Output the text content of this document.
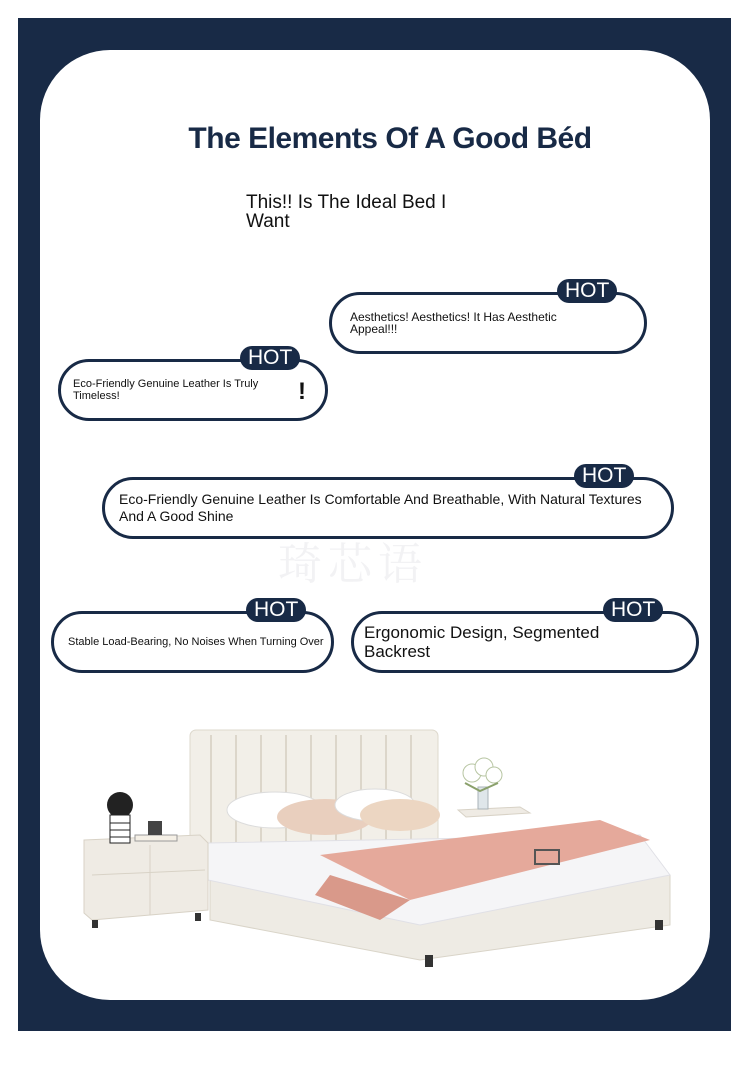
The Elements Of A Good Béd
This!! Is The Ideal Bed I Want
琦芯语
Aesthetics! Aesthetics! It Has Aesthetic Appeal!!!
HOT
Eco-Friendly Genuine Leather Is Truly Timeless!	!
HOT
Eco-Friendly Genuine Leather Is Comfortable And Breathable, With Natural Textures And A Good Shine
HOT
Stable Load-Bearing, No Noises When Turning Over
HOT
Ergonomic Design, Segmented Backrest
HOT
